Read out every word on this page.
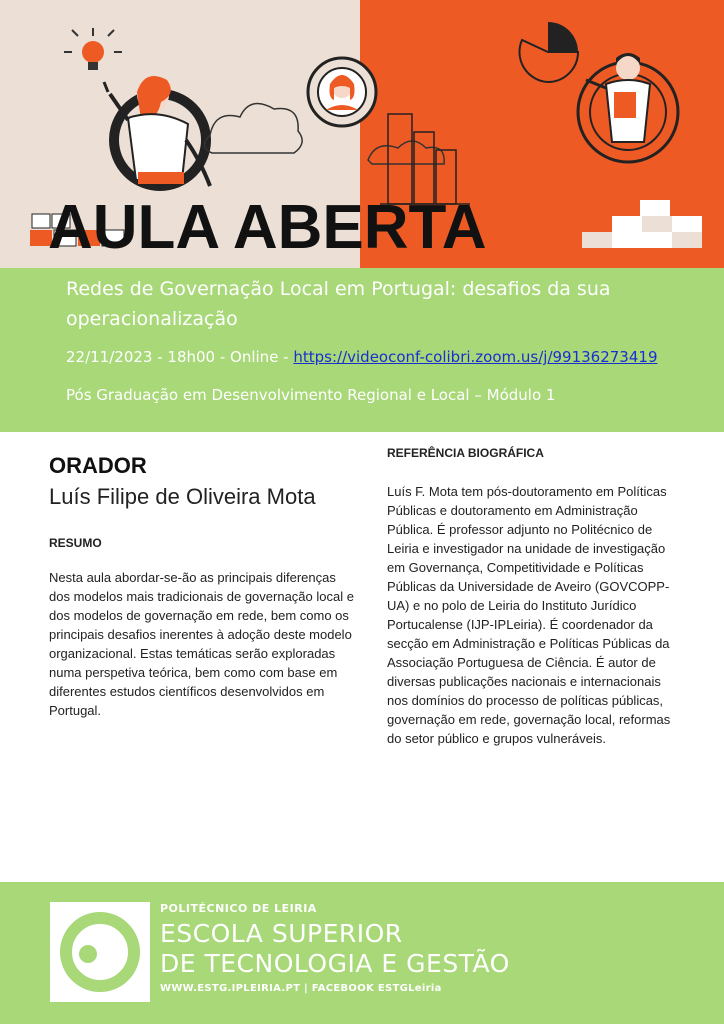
AULA ABERTA
Redes de Governação Local em Portugal: desafios da sua operacionalização
22/11/2023 - 18h00 - Online - https://videoconf-colibri.zoom.us/j/99136273419
Pós Graduação em Desenvolvimento Regional e Local – Módulo 1
ORADOR
Luís Filipe de Oliveira Mota
RESUMO
Nesta aula abordar-se-ão as principais diferenças dos modelos mais tradicionais de governação local e dos modelos de governação em rede, bem como os principais desafios inerentes à adoção deste modelo organizacional. Estas temáticas serão exploradas numa perspetiva teórica, bem como com base em diferentes estudos científicos desenvolvidos em Portugal.
REFERÊNCIA BIOGRÁFICA
Luís F. Mota tem pós-doutoramento em Políticas Públicas e doutoramento em Administração Pública. É professor adjunto no Politécnico de Leiria e investigador na unidade de investigação em Governança, Competitividade e Políticas Públicas da Universidade de Aveiro (GOVCOPP-UA) e no polo de Leiria do Instituto Jurídico Portucalense (IJP-IPLeiria). É coordenador da secção em Administração e Políticas Públicas da Associação Portuguesa de Ciência. É autor de diversas publicações nacionais e internacionais nos domínios do processo de políticas públicas, governação em rede, governação local, reformas do setor público e grupos vulneráveis.
POLITÉCNICO DE LEIRIA
ESCOLA SUPERIOR
DE TECNOLOGIA E GESTÃO
WWW.ESTG.IPLEIRIA.PT | FACEBOOK ESTGLeiria
